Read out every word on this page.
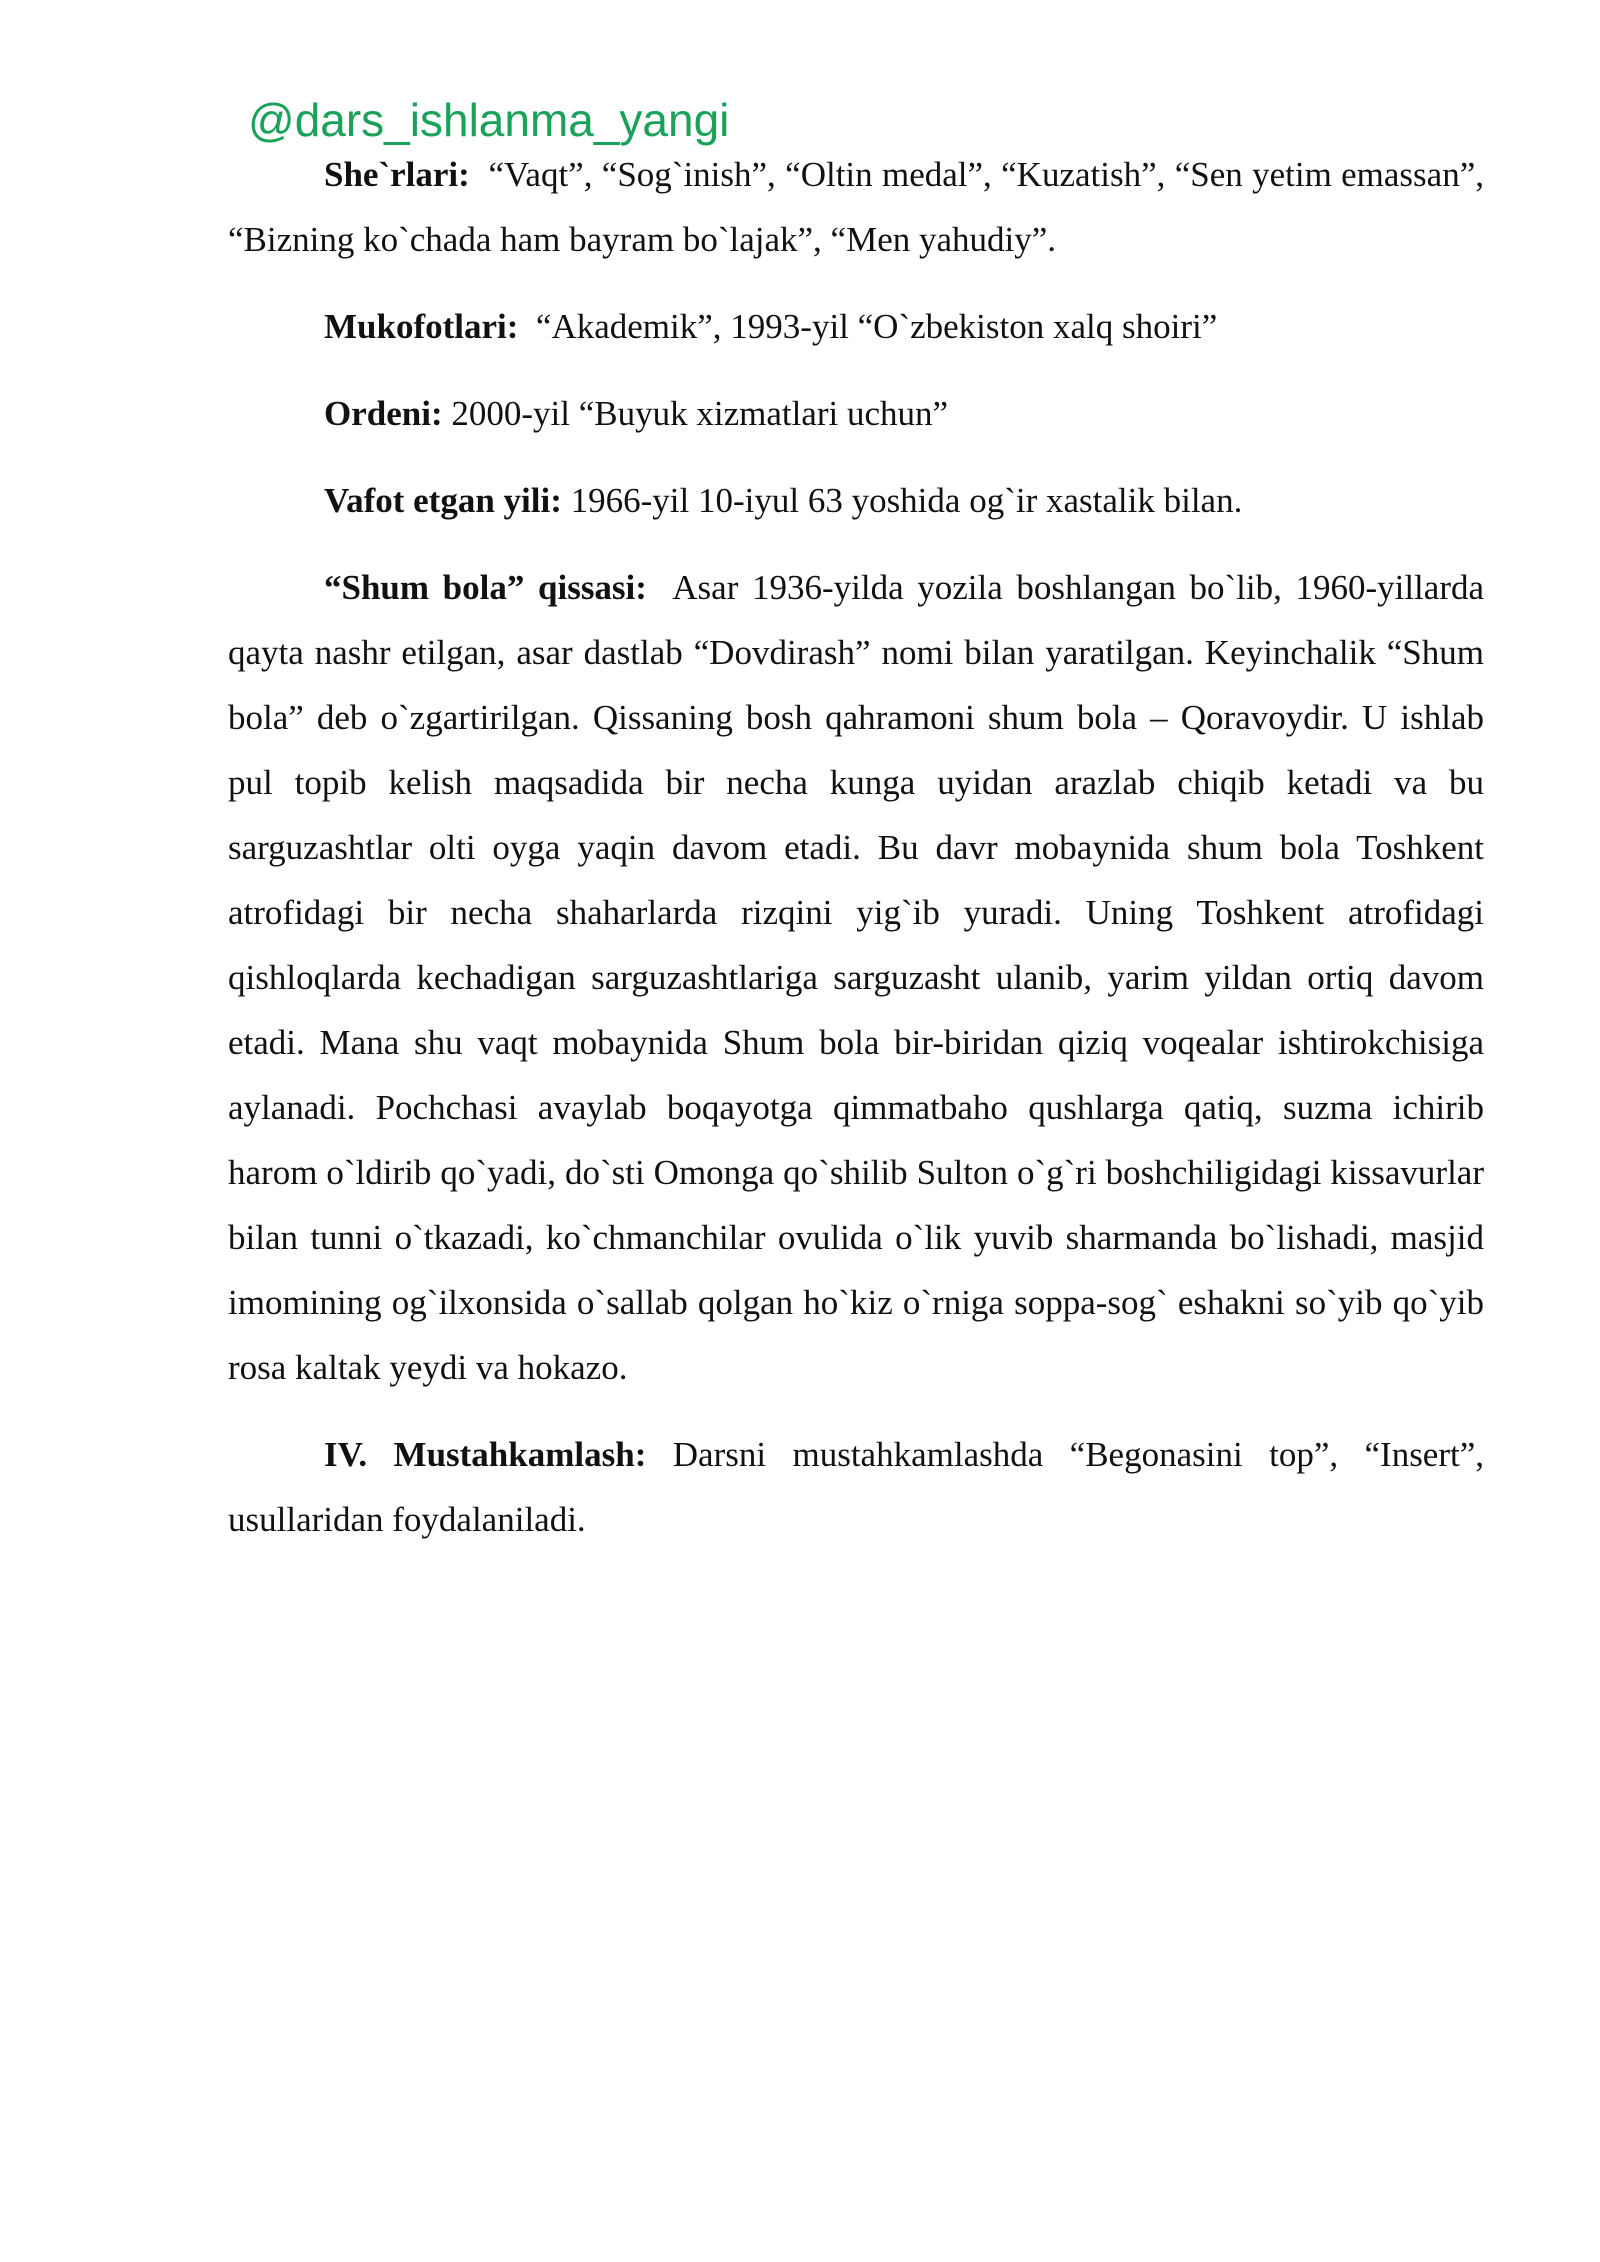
@dars_ishlanma_yangi

She`rlari: “Vaqt”, “Sog`inish”, “Oltin medal”, “Kuzatish”, “Sen yetim emassan”, “Bizning ko`chada ham bayram bo`lajak”, “Men yahudiy”.

Mukofotlari: “Akademik”, 1993-yil “O`zbekiston xalq shoiri”

Ordeni: 2000-yil “Buyuk xizmatlari uchun”

Vafot etgan yili: 1966-yil 10-iyul 63 yoshida og`ir xastalik bilan.

“Shum bola” qissasi: Asar 1936-yilda yozila boshlangan bo`lib, 1960-yillarda qayta nashr etilgan, asar dastlab “Dovdirash” nomi bilan yaratilgan. Keyinchalik “Shum bola” deb o`zgartirilgan. Qissaning bosh qahramoni shum bola – Qoravoydir. U ishlab pul topib kelish maqsadida bir necha kunga uyidan arazlab chiqib ketadi va bu sarguzashtlar olti oyga yaqin davom etadi. Bu davr mobaynida shum bola Toshkent atrofidagi bir necha shaharlarda rizqini yig`ib yuradi. Uning Toshkent atrofidagi qishloqlarda kechadigan sarguzashtlariga sarguzasht ulanib, yarim yildan ortiq davom etadi. Mana shu vaqt mobaynida Shum bola bir-biridan qiziq voqealar ishtirokchisiga aylanadi. Pochchasi avaylab boqayotga qimmatbaho qushlarga qatiq, suzma ichirib harom o`ldirib qo`yadi, do`sti Omonga qo`shilib Sulton o`g`ri boshchiligidagi kissavurlar bilan tunni o`tkazadi, ko`chmanchilar ovulida o`lik yuvib sharmanda bo`lishadi, masjid imomining og`ilxonsida o`sallab qolgan ho`kiz o`rniga soppa-sog` eshakni so`yib qo`yib rosa kaltak yeydi va hokazo.

IV. Mustahkamlash: Darsni mustahkamlashda “Begonasini top”, “Insert”, usullaridan foydalaniladi.
